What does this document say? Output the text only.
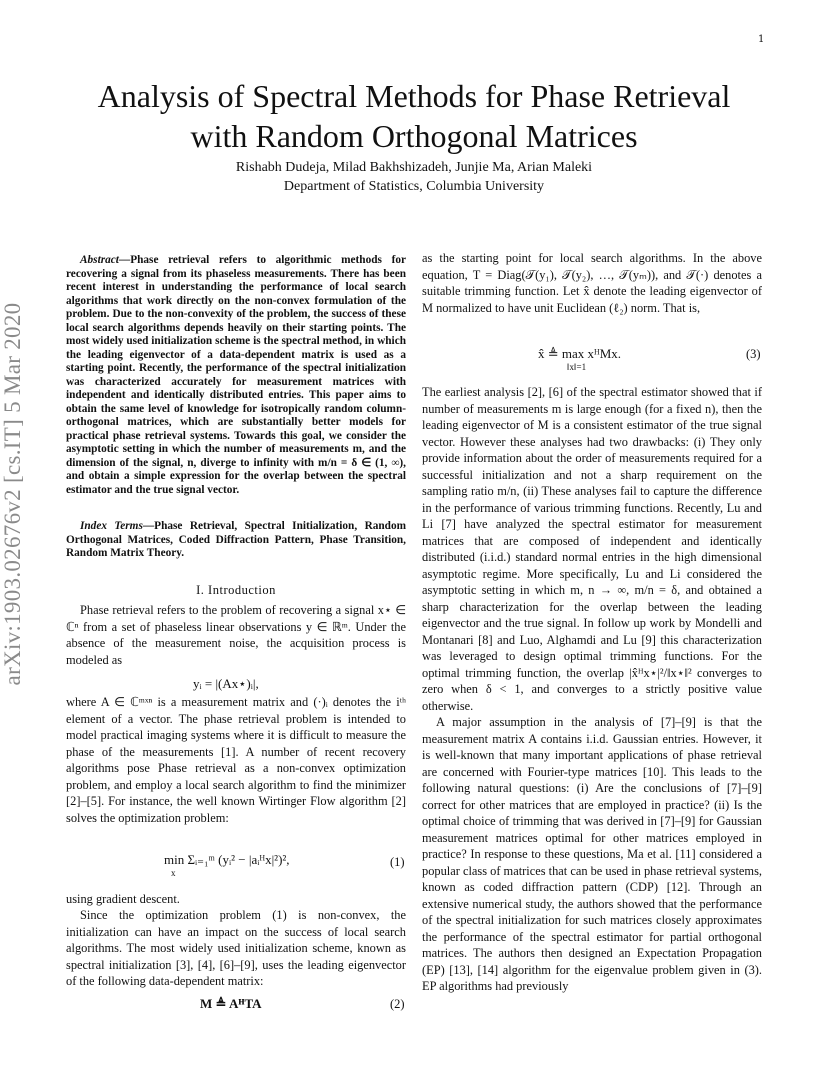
1
arXiv:1903.02676v2 [cs.IT] 5 Mar 2020
Analysis of Spectral Methods for Phase Retrieval
with Random Orthogonal Matrices
Rishabh Dudeja, Milad Bakhshizadeh, Junjie Ma, Arian Maleki
Department of Statistics, Columbia University
Abstract—Phase retrieval refers to algorithmic methods for recovering a signal from its phaseless measurements. There has been recent interest in understanding the performance of local search algorithms that work directly on the non-convex formulation of the problem. Due to the non-convexity of the problem, the success of these local search algorithms depends heavily on their starting points. The most widely used initialization scheme is the spectral method, in which the leading eigenvector of a data-dependent matrix is used as a starting point. Recently, the performance of the spectral initialization was characterized accurately for measurement matrices with independent and identically distributed entries. This paper aims to obtain the same level of knowledge for isotropically random column-orthogonal matrices, which are substantially better models for practical phase retrieval systems. Towards this goal, we consider the asymptotic setting in which the number of measurements m, and the dimension of the signal, n, diverge to infinity with m/n = δ ∈ (1, ∞), and obtain a simple expression for the overlap between the spectral estimator and the true signal vector.
Index Terms—Phase Retrieval, Spectral Initialization, Random Orthogonal Matrices, Coded Diffraction Pattern, Phase Transition, Random Matrix Theory.
I. Introduction

Phase retrieval refers to the problem of recovering a signal x⋆ ∈ ℂⁿ from a set of phaseless linear observations y ∈ ℝᵐ. Under the absence of the measurement noise, the acquisition process is modeled as

yᵢ = |(Ax⋆)ᵢ|,

where A ∈ ℂᵐˣⁿ is a measurement matrix and (·)ᵢ denotes the iᵗʰ element of a vector. The phase retrieval problem is intended to model practical imaging systems where it is difficult to measure the phase of the measurements [1]. A number of recent recovery algorithms pose Phase retrieval as a non-convex optimization problem, and employ a local search algorithm to find the minimizer [2]–[5]. For instance, the well known Wirtinger Flow algorithm [2] solves the optimization problem:

min Σᵢ₌₁ᵐ (yᵢ² − |aᵢᴴx|²)²,
x
(1)

using gradient descent.

Since the optimization problem (1) is non-convex, the initialization can have an impact on the success of local search algorithms. The most widely used initialization scheme, known as spectral initialization [3], [4], [6]–[9], uses the leading eigenvector of the following data-dependent matrix:

M ≜ AᴴTA	(2)

as the starting point for local search algorithms. In the above equation, T = Diag(𝒯(y₁), 𝒯(y₂), …, 𝒯(yₘ)), and 𝒯(·) denotes a suitable trimming function. Let x̂ denote the leading eigenvector of M normalized to have unit Euclidean (ℓ₂) norm. That is,

x̂ ≜ max xᴴMx.
‖x‖=1
(3)

The earliest analysis [2], [6] of the spectral estimator showed that if number of measurements m is large enough (for a fixed n), then the leading eigenvector of M is a consistent estimator of the true signal vector. However these analyses had two drawbacks: (i) They only provide information about the order of measurements required for a successful initialization and not a sharp requirement on the sampling ratio m/n, (ii) These analyses fail to capture the difference in the performance of various trimming functions. Recently, Lu and Li [7] have analyzed the spectral estimator for measurement matrices that are composed of independent and identically distributed (i.i.d.) standard normal entries in the high dimensional asymptotic regime. More specifically, Lu and Li considered the asymptotic setting in which m, n → ∞, m/n = δ, and obtained a sharp characterization for the overlap between the leading eigenvector and the true signal. In follow up work by Mondelli and Montanari [8] and Luo, Alghamdi and Lu [9] this characterization was leveraged to design optimal trimming functions. For the optimal trimming function, the overlap |x̂ᴴx⋆|²/‖x⋆‖² converges to zero when δ < 1, and converges to a strictly positive value otherwise.

A major assumption in the analysis of [7]–[9] is that the measurement matrix A contains i.i.d. Gaussian entries. However, it is well-known that many important applications of phase retrieval are concerned with Fourier-type matrices [10]. This leads to the following natural questions: (i) Are the conclusions of [7]–[9] correct for other matrices that are employed in practice? (ii) Is the optimal choice of trimming that was derived in [7]–[9] for Gaussian measurement matrices optimal for other matrices employed in practice? In response to these questions, Ma et al. [11] considered a popular class of matrices that can be used in phase retrieval systems, known as coded diffraction pattern (CDP) [12]. Through an extensive numerical study, the authors showed that the performance of the spectral initialization for such matrices closely approximates the performance of the spectral estimator for partial orthogonal matrices. The authors then designed an Expectation Propagation (EP) [13], [14] algorithm for the eigenvalue problem given in (3). EP algorithms had previously
